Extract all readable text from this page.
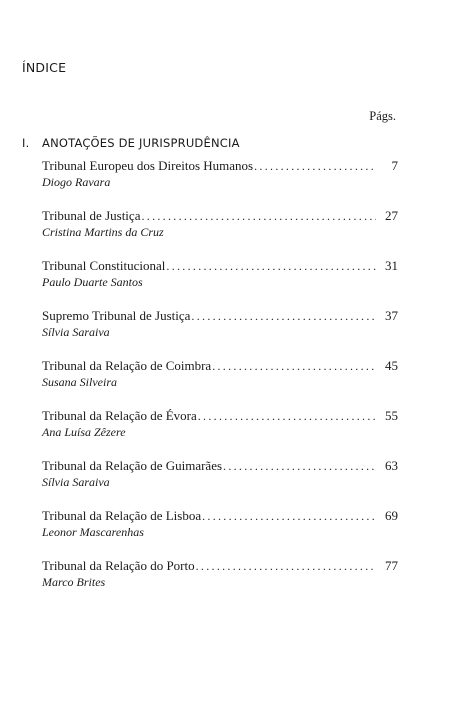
ÍNDICE
Págs.
I. ANOTAÇÕES DE JURISPRUDÊNCIA
Tribunal Europeu dos Direitos Humanos .....	7
Diogo Ravara
Tribunal de Justiça .....	27
Cristina Martins da Cruz
Tribunal Constitucional .....	31
Paulo Duarte Santos
Supremo Tribunal de Justiça .....	37
Sílvia Saraiva
Tribunal da Relação de Coimbra .....	45
Susana Silveira
Tribunal da Relação de Évora .....	55
Ana Luísa Zêzere
Tribunal da Relação de Guimarães .....	63
Sílvia Saraiva
Tribunal da Relação de Lisboa .....	69
Leonor Mascarenhas
Tribunal da Relação do Porto .....	77
Marco Brites
